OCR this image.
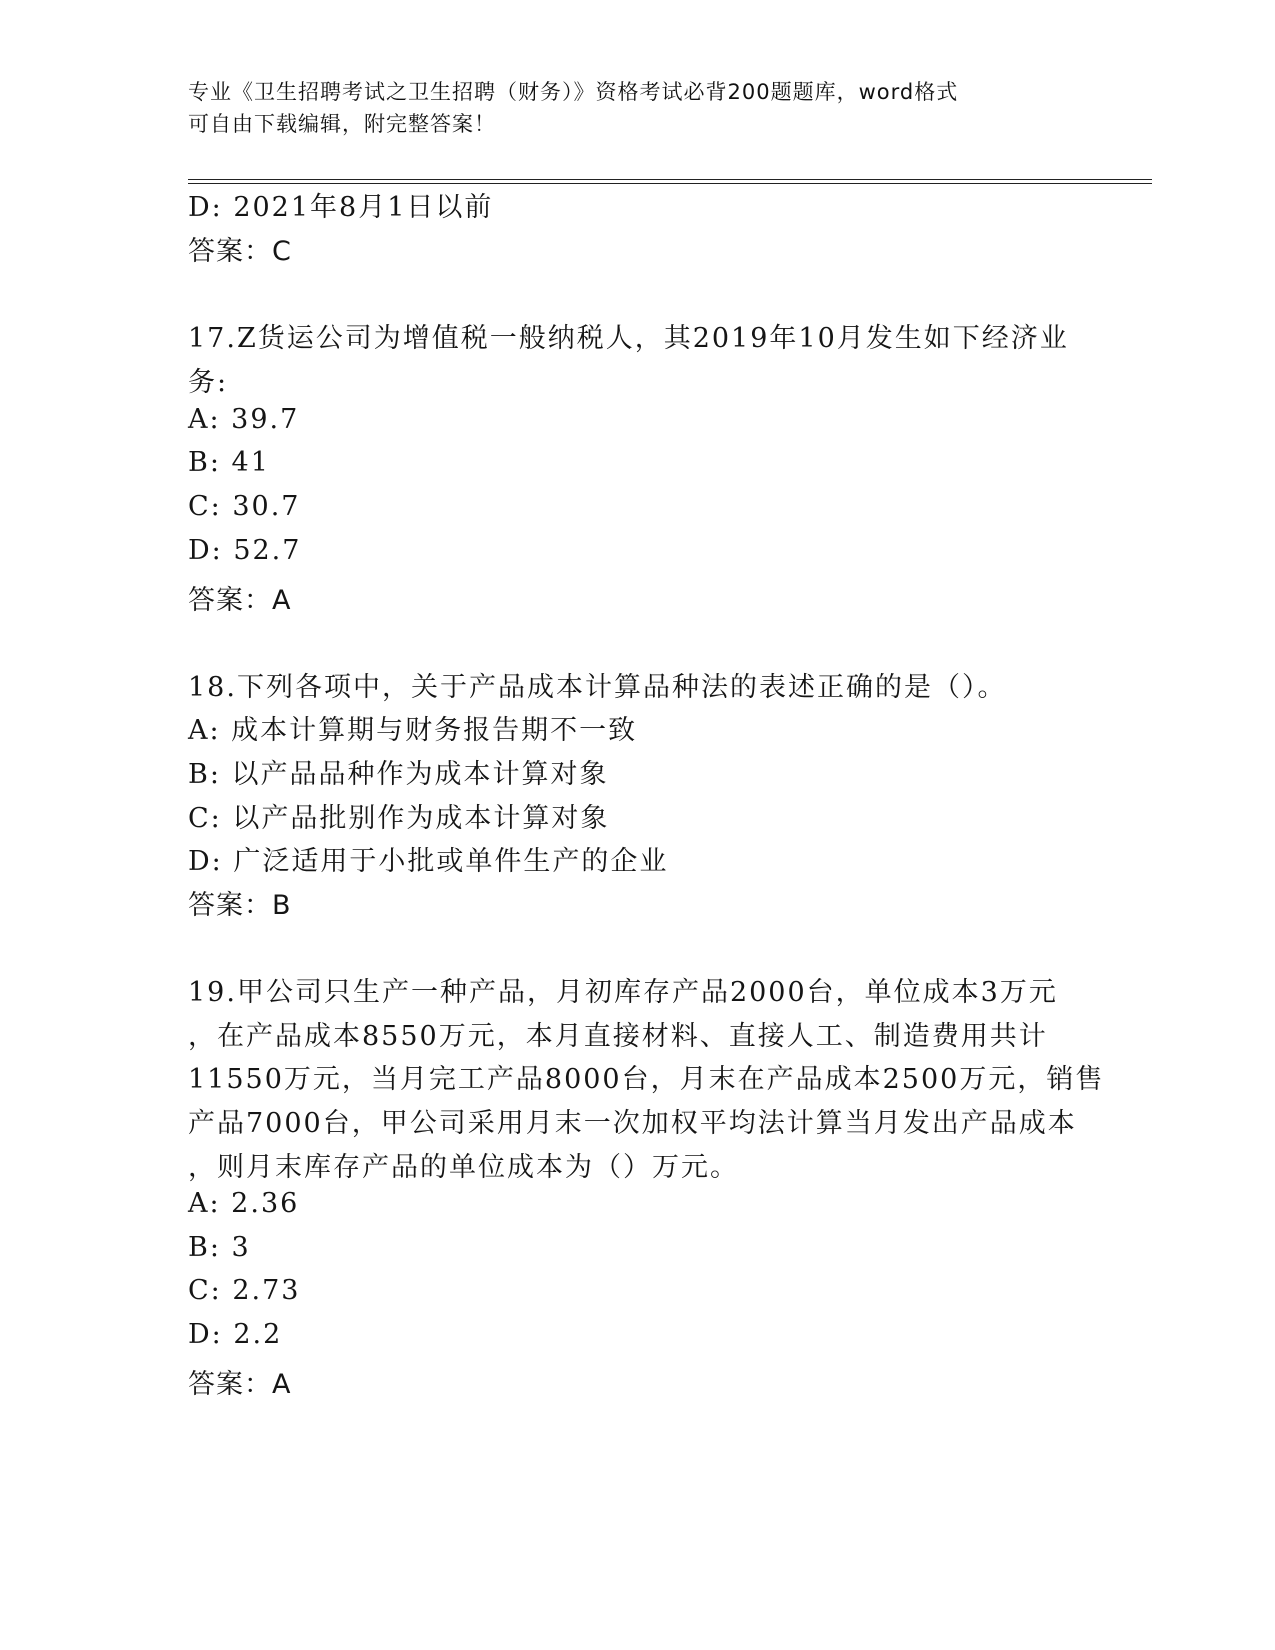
专业《卫生招聘考试之卫生招聘（财务）》资格考试必背200题题库，word格式
可自由下载编辑，附完整答案！
D: 2021年8月1日以前
答案：C
17.Z货运公司为增值税一般纳税人，其2019年10月发生如下经济业
务:
A: 39.7
B: 41
C: 30.7
D: 52.7
答案：A
18.下列各项中，关于产品成本计算品种法的表述正确的是（）。
A: 成本计算期与财务报告期不一致
B: 以产品品种作为成本计算对象
C: 以产品批别作为成本计算对象
D: 广泛适用于小批或单件生产的企业
答案：B
19.甲公司只生产一种产品，月初库存产品2000台，单位成本3万元
，在产品成本8550万元，本月直接材料、直接人工、制造费用共计
11550万元，当月完工产品8000台，月末在产品成本2500万元，销售
产品7000台，甲公司采用月末一次加权平均法计算当月发出产品成本
，则月末库存产品的单位成本为（）万元。
A: 2.36
B: 3
C: 2.73
D: 2.2
答案：A
